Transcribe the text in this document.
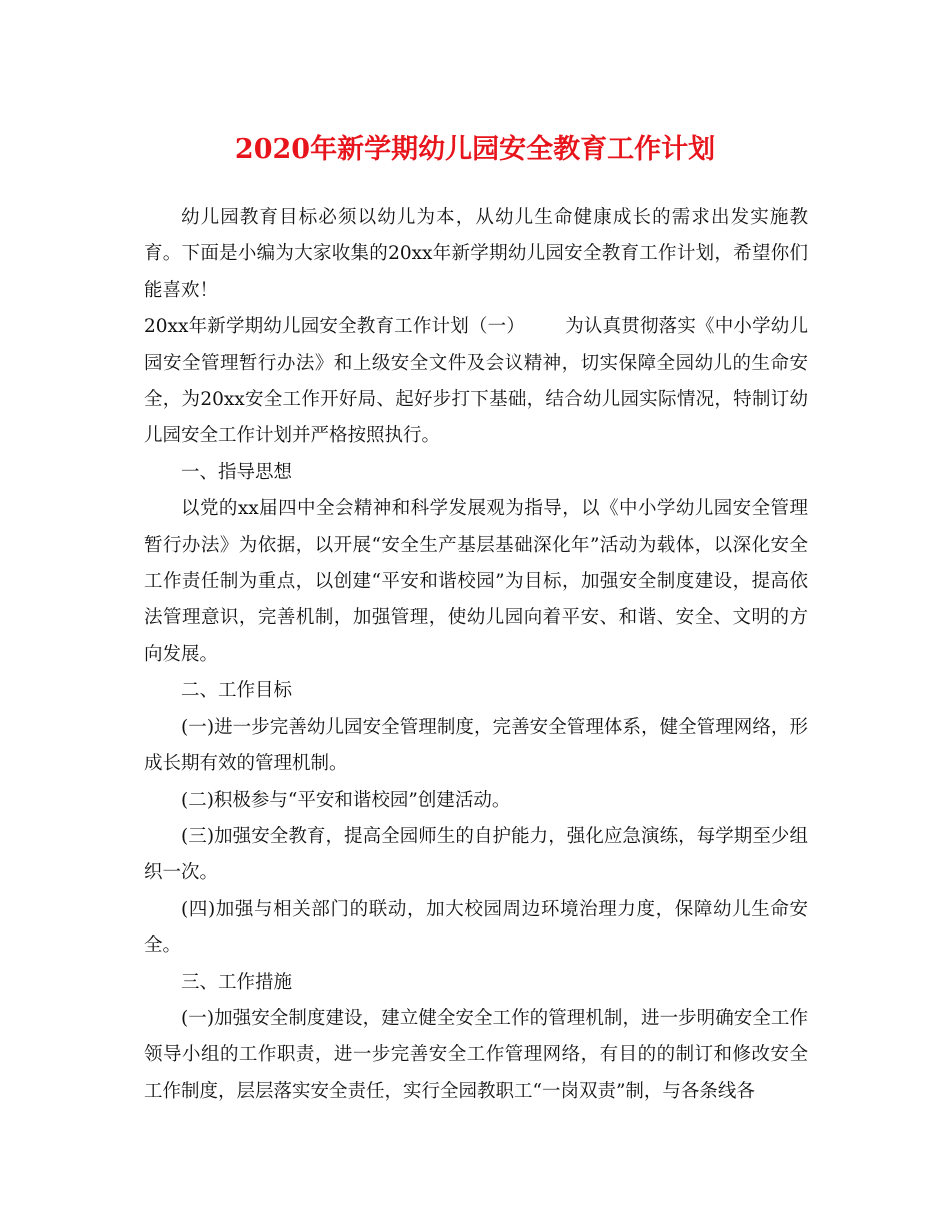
2020年新学期幼儿园安全教育工作计划

幼儿园教育目标必须以幼儿为本，从幼儿生命健康成长的需求出发实施教育。下面是小编为大家收集的20xx年新学期幼儿园安全教育工作计划，希望你们能喜欢！

20xx年新学期幼儿园安全教育工作计划（一） 为认真贯彻落实《中小学幼儿园安全管理暂行办法》和上级安全文件及会议精神，切实保障全园幼儿的生命安全，为20xx安全工作开好局、起好步打下基础，结合幼儿园实际情况，特制订幼儿园安全工作计划并严格按照执行。

一、指导思想

以党的xx届四中全会精神和科学发展观为指导，以《中小学幼儿园安全管理暂行办法》为依据，以开展“安全生产基层基础深化年”活动为载体，以深化安全工作责任制为重点，以创建“平安和谐校园”为目标，加强安全制度建设，提高依法管理意识，完善机制，加强管理，使幼儿园向着平安、和谐、安全、文明的方向发展。

二、工作目标

(一)进一步完善幼儿园安全管理制度，完善安全管理体系，健全管理网络，形成长期有效的管理机制。

(二)积极参与“平安和谐校园”创建活动。

(三)加强安全教育，提高全园师生的自护能力，强化应急演练，每学期至少组织一次。

(四)加强与相关部门的联动，加大校园周边环境治理力度，保障幼儿生命安全。

三、工作措施

(一)加强安全制度建设，建立健全安全工作的管理机制，进一步明确安全工作领导小组的工作职责，进一步完善安全工作管理网络，有目的的制订和修改安全工作制度，层层落实安全责任，实行全园教职工“一岗双责”制，与各条线各
